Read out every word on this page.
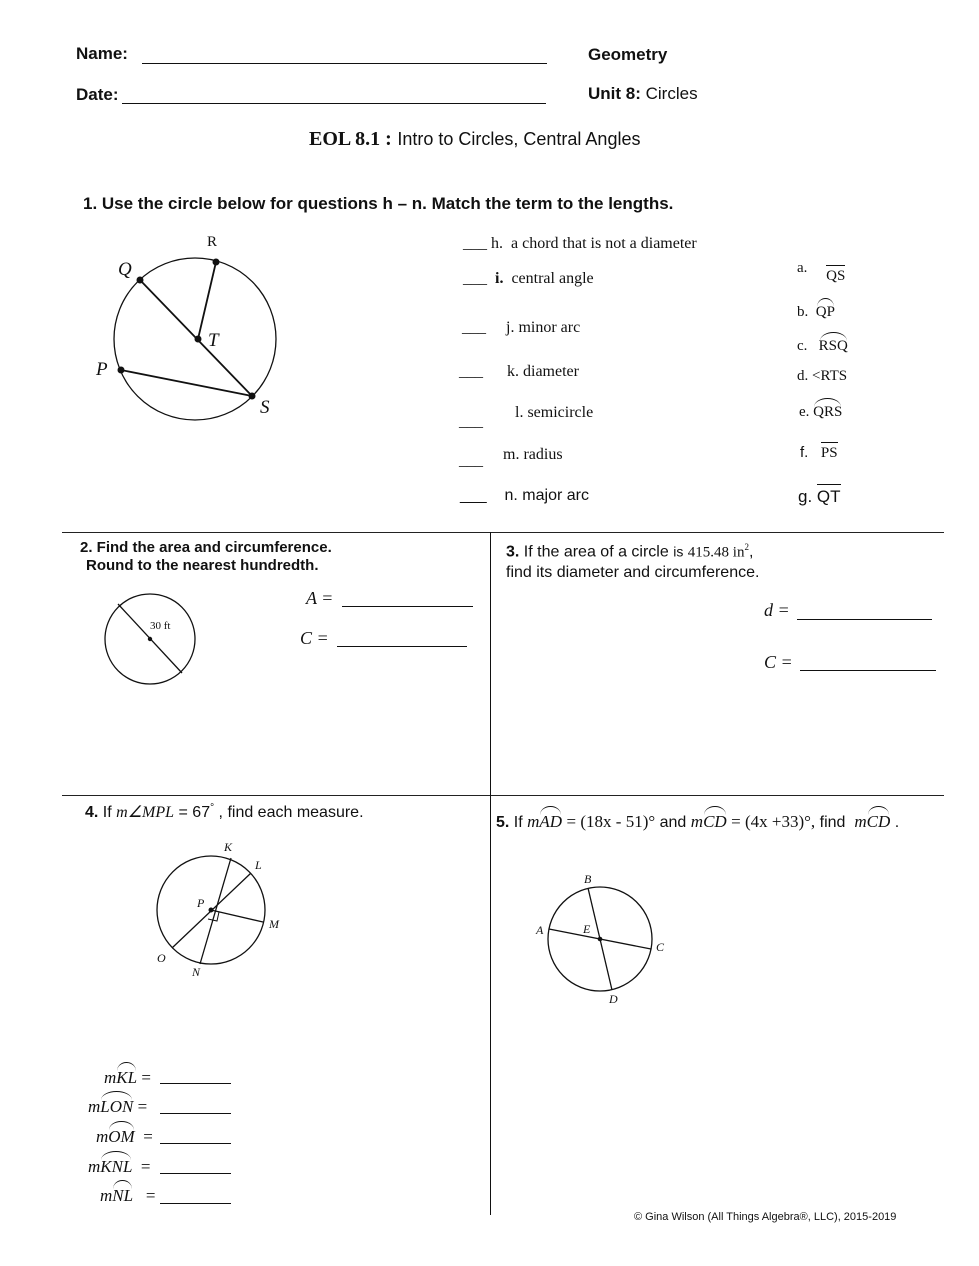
Name:
Date:
Geometry
Unit 8: Circles
EOL 8.1 : Intro to Circles, Central Angles
1. Use the circle below for questions h – n. Match the term to the lengths.
R
Q
T
P
S
___ h. a chord that is not a diameter
___ i. central angle
___ j. minor arc
___ k. diameter
___        l. semicircle
___ m. radius
___ n. major arc
a. QS
b. QP
c. RSQ
d. <RTS
e. QRS
f. PS
g. QT
2. Find the area and circumference.
Round to the nearest hundredth.
30 ft
A =
C =
3. If the area of a circle is 415.48 $in^2$,
find its diameter and circumference.
d =
C =
4. If m∠MPL = 67° , find each measure.
K
L
P
M
O
N
mKL =
mLON =
mOM =
mKNL =
mNL =
5. If mAD = (18x - 51)° and mCD = (4x +33)°, find mCD .
B
A	E
C
D
© Gina Wilson (All Things Algebra®, LLC), 2015-2019
